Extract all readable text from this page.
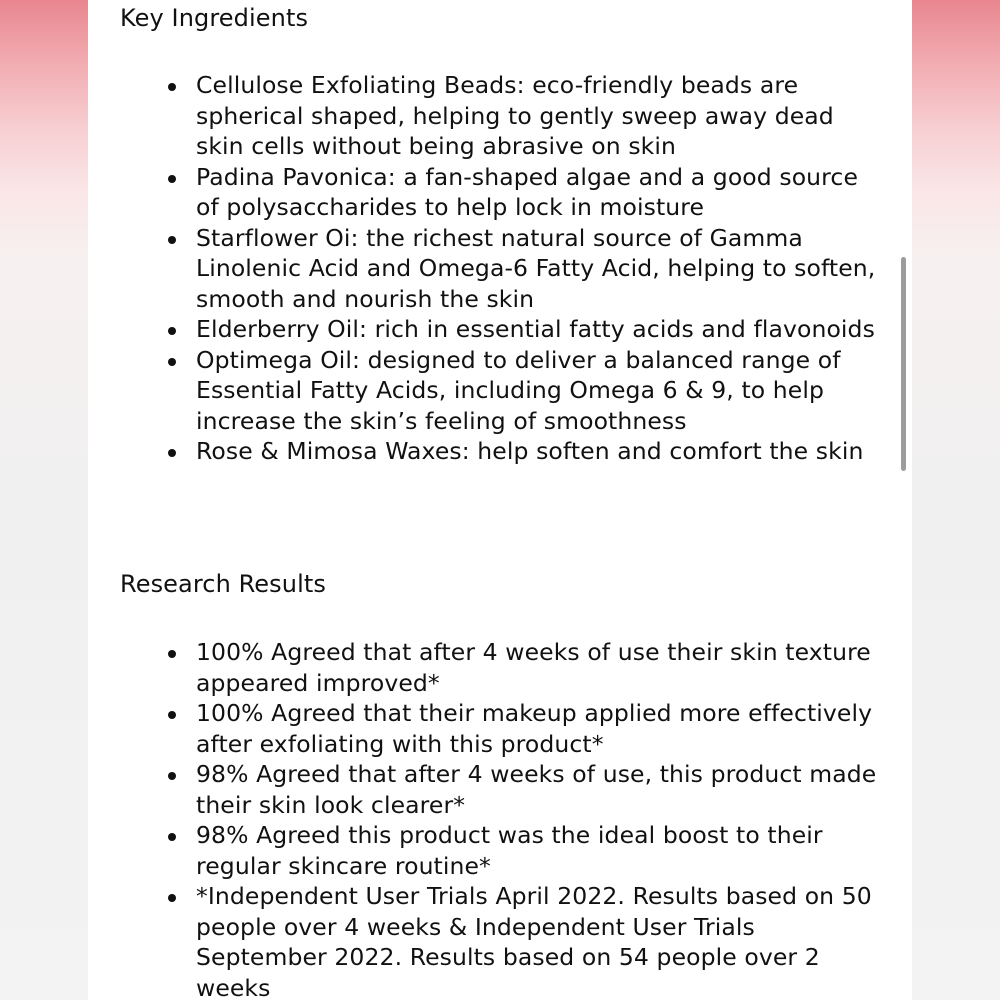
Key Ingredients
Cellulose Exfoliating Beads: eco-friendly beads are spherical shaped, helping to gently sweep away dead skin cells without being abrasive on skin
Padina Pavonica: a fan-shaped algae and a good source of polysaccharides to help lock in moisture
Starflower Oi: the richest natural source of Gamma Linolenic Acid and Omega-6 Fatty Acid, helping to soften, smooth and nourish the skin
Elderberry Oil: rich in essential fatty acids and flavonoids
Optimega Oil: designed to deliver a balanced range of Essential Fatty Acids, including Omega 6 & 9, to help increase the skin’s feeling of smoothness
Rose & Mimosa Waxes: help soften and comfort the skin
Research Results
100% Agreed that after 4 weeks of use their skin texture appeared improved*
100% Agreed that their makeup applied more effectively after exfoliating with this product*
98% Agreed that after 4 weeks of use, this product made their skin look clearer*
98% Agreed this product was the ideal boost to their regular skincare routine*
*Independent User Trials April 2022. Results based on 50 people over 4 weeks & Independent User Trials September 2022. Results based on 54 people over 2 weeks
